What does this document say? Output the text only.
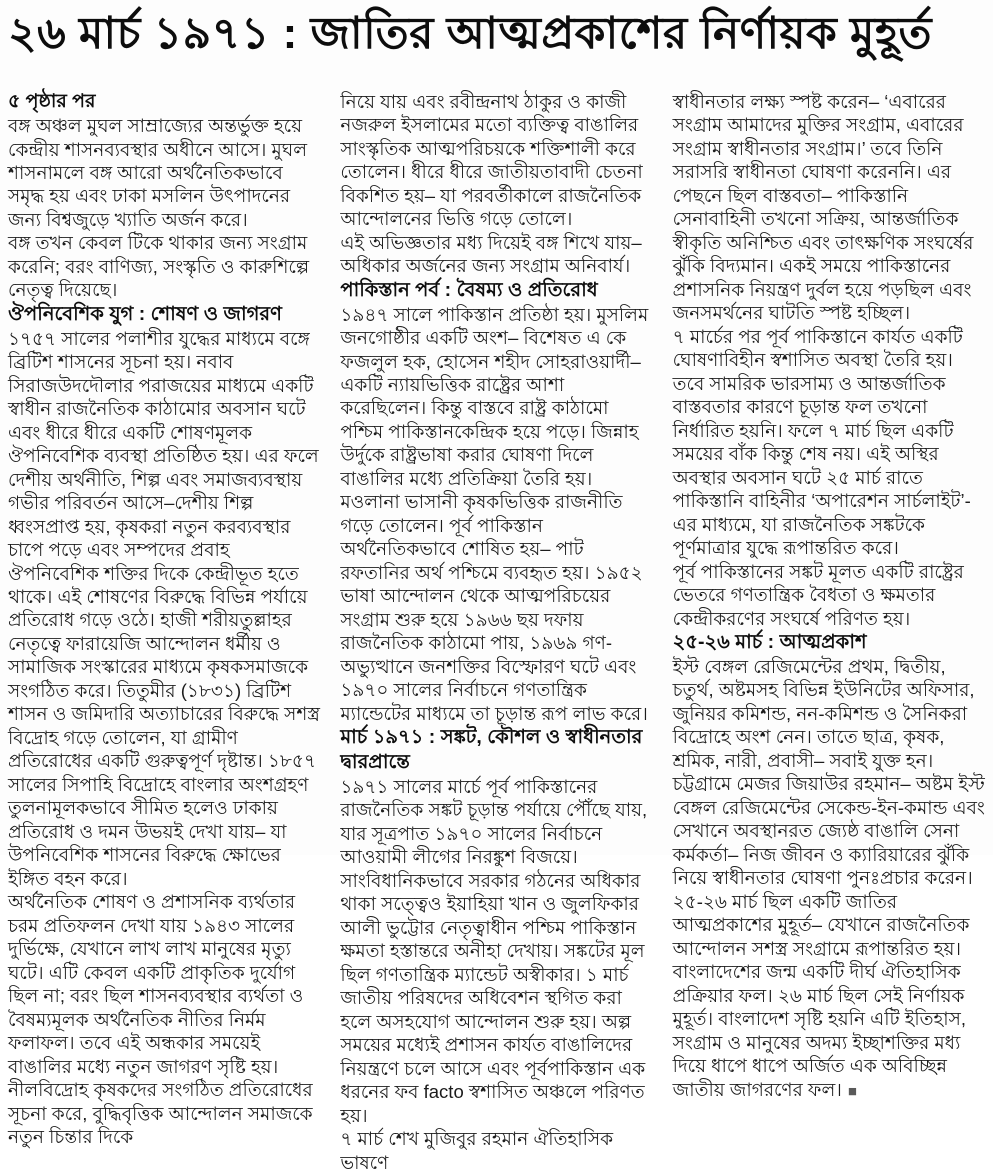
২৬ মার্চ ১৯৭১ : জাতির আত্মপ্রকাশের নির্ণায়ক মুহূর্ত

৫ পৃষ্ঠার পর

বঙ্গ অঞ্চল মুঘল সাম্রাজ্যের অন্তর্ভুক্ত হয়ে কেন্দ্রীয় শাসনব্যবস্থার অধীনে আসে। মুঘল শাসনামলে বঙ্গ আরো অর্থনৈতিকভাবে সমৃদ্ধ হয় এবং ঢাকা মসলিন উৎপাদনের জন্য বিশ্বজুড়ে খ্যাতি অর্জন করে।

বঙ্গ তখন কেবল টিকে থাকার জন্য সংগ্রাম করেনি; বরং বাণিজ্য, সংস্কৃতি ও কারুশিল্পে নেতৃত্ব দিয়েছে।

ঔপনিবেশিক যুগ : শোষণ ও জাগরণ

১৭৫৭ সালের পলাশীর যুদ্ধের মাধ্যমে বঙ্গে ব্রিটিশ শাসনের সূচনা হয়। নবাব সিরাজউদদৌলার পরাজয়ের মাধ্যমে একটি স্বাধীন রাজনৈতিক কাঠামোর অবসান ঘটে এবং ধীরে ধীরে একটি শোষণমূলক ঔপনিবেশিক ব্যবস্থা প্রতিষ্ঠিত হয়। এর ফলে দেশীয় অর্থনীতি, শিল্প এবং সমাজব্যবস্থায় গভীর পরিবর্তন আসে–দেশীয় শিল্প ধ্বংসপ্রাপ্ত হয়, কৃষকরা নতুন করব্যবস্থার চাপে পড়ে এবং সম্পদের প্রবাহ ঔপনিবেশিক শক্তির দিকে কেন্দ্রীভূত হতে থাকে। এই শোষণের বিরুদ্ধে বিভিন্ন পর্যায়ে প্রতিরোধ গড়ে ওঠে। হাজী শরীয়তুল্লাহর নেতৃত্বে ফারায়েজি আন্দোলন ধর্মীয় ও সামাজিক সংস্কারের মাধ্যমে কৃষকসমাজকে সংগঠিত করে। তিতুমীর (১৮৩১) ব্রিটিশ শাসন ও জমিদারি অত্যাচারের বিরুদ্ধে সশস্ত্র বিদ্রোহ গড়ে তোলেন, যা গ্রামীণ প্রতিরোধের একটি গুরুত্বপূর্ণ দৃষ্টান্ত। ১৮৫৭ সালের সিপাহি বিদ্রোহে বাংলার অংশগ্রহণ তুলনামূলকভাবে সীমিত হলেও ঢাকায় প্রতিরোধ ও দমন উভয়ই দেখা যায়– যা উপনিবেশিক শাসনের বিরুদ্ধে ক্ষোভের ইঙ্গিত বহন করে।

অর্থনৈতিক শোষণ ও প্রশাসনিক ব্যর্থতার চরম প্রতিফলন দেখা যায় ১৯৪৩ সালের দুর্ভিক্ষে, যেখানে লাখ লাখ মানুষের মৃত্যু ঘটে। এটি কেবল একটি প্রাকৃতিক দুর্যোগ ছিল না; বরং ছিল শাসনব্যবস্থার ব্যর্থতা ও বৈষম্যমূলক অর্থনৈতিক নীতির নির্মম ফলাফল। তবে এই অন্ধকার সময়েই বাঙালির মধ্যে নতুন জাগরণ সৃষ্টি হয়। নীলবিদ্রোহ কৃষকদের সংগঠিত প্রতিরোধের সূচনা করে, বুদ্ধিবৃত্তিক আন্দোলন সমাজকে নতুন চিন্তার দিকে

নিয়ে যায় এবং রবীন্দ্রনাথ ঠাকুর ও কাজী নজরুল ইসলামের মতো ব্যক্তিত্ব বাঙালির সাংস্কৃতিক আত্মপরিচয়কে শক্তিশালী করে তোলেন। ধীরে ধীরে জাতীয়তাবাদী চেতনা বিকশিত হয়– যা পরবর্তীকালে রাজনৈতিক আন্দোলনের ভিত্তি গড়ে তোলে।

এই অভিজ্ঞতার মধ্য দিয়েই বঙ্গ শিখে যায়– অধিকার অর্জনের জন্য সংগ্রাম অনিবার্য।

পাকিস্তান পর্ব : বৈষম্য ও প্রতিরোধ

১৯৪৭ সালে পাকিস্তান প্রতিষ্ঠা হয়। মুসলিম জনগোষ্ঠীর একটি অংশ– বিশেষত এ কে ফজলুল হক, হোসেন শহীদ সোহরাওয়ার্দী– একটি ন্যায়ভিত্তিক রাষ্ট্রের আশা করেছিলেন। কিন্তু বাস্তবে রাষ্ট্র কাঠামো পশ্চিম পাকিস্তানকেন্দ্রিক হয়ে পড়ে। জিন্নাহ উর্দুকে রাষ্ট্রভাষা করার ঘোষণা দিলে বাঙালির মধ্যে প্রতিক্রিয়া তৈরি হয়। মওলানা ভাসানী কৃষকভিত্তিক রাজনীতি গড়ে তোলেন। পূর্ব পাকিস্তান অর্থনৈতিকভাবে শোষিত হয়– পাট রফতানির অর্থ পশ্চিমে ব্যবহৃত হয়। ১৯৫২ ভাষা আন্দোলন থেকে আত্মপরিচয়ের সংগ্রাম শুরু হয়ে ১৯৬৬ ছয় দফায় রাজনৈতিক কাঠামো পায়, ১৯৬৯ গণ-অভ্যুত্থানে জনশক্তির বিস্ফোরণ ঘটে এবং ১৯৭০ সালের নির্বাচনে গণতান্ত্রিক ম্যান্ডেটের মাধ্যমে তা চূড়ান্ত রূপ লাভ করে।

মার্চ ১৯৭১ : সঙ্কট, কৌশল ও স্বাধীনতার দ্বারপ্রান্তে

১৯৭১ সালের মার্চে পূর্ব পাকিস্তানের রাজনৈতিক সঙ্কট চূড়ান্ত পর্যায়ে পৌঁছে যায়, যার সূত্রপাত ১৯৭০ সালের নির্বাচনে আওয়ামী লীগের নিরঙ্কুশ বিজয়ে। সাংবিধানিকভাবে সরকার গঠনের অধিকার থাকা সত্ত্বেও ইয়াহিয়া খান ও জুলফিকার আলী ভুট্টোর নেতৃত্বাধীন পশ্চিম পাকিস্তান ক্ষমতা হস্তান্তরে অনীহা দেখায়। সঙ্কটের মূল ছিল গণতান্ত্রিক ম্যান্ডেট অস্বীকার। ১ মার্চ জাতীয় পরিষদের অধিবেশন স্থগিত করা হলে অসহযোগ আন্দোলন শুরু হয়। অল্প সময়ের মধ্যেই প্রশাসন কার্যত বাঙালিদের নিয়ন্ত্রণে চলে আসে এবং পূর্বপাকিস্তান এক ধরনের ফব facto স্বশাসিত অঞ্চলে পরিণত হয়।

৭ মার্চ শেখ মুজিবুর রহমান ঐতিহাসিক ভাষণে

স্বাধীনতার লক্ষ্য স্পষ্ট করেন– ‘এবারের সংগ্রাম আমাদের মুক্তির সংগ্রাম, এবারের সংগ্রাম স্বাধীনতার সংগ্রাম।’ তবে তিনি সরাসরি স্বাধীনতা ঘোষণা করেননি। এর পেছনে ছিল বাস্তবতা– পাকিস্তানি সেনাবাহিনী তখনো সক্রিয়, আন্তর্জাতিক স্বীকৃতি অনিশ্চিত এবং তাৎক্ষণিক সংঘর্ষের ঝুঁকি বিদ্যমান। একই সময়ে পাকিস্তানের প্রশাসনিক নিয়ন্ত্রণ দুর্বল হয়ে পড়ছিল এবং জনসমর্থনের ঘাটতি স্পষ্ট হচ্ছিল।

৭ মার্চের পর পূর্ব পাকিস্তানে কার্যত একটি ঘোষণাবিহীন স্বশাসিত অবস্থা তৈরি হয়। তবে সামরিক ভারসাম্য ও আন্তর্জাতিক বাস্তবতার কারণে চূড়ান্ত ফল তখনো নির্ধারিত হয়নি। ফলে ৭ মার্চ ছিল একটি সময়ের বাঁক কিন্তু শেষ নয়। এই অস্থির অবস্থার অবসান ঘটে ২৫ মার্চ রাতে পাকিস্তানি বাহিনীর ‘অপারেশন সার্চলাইট’-এর মাধ্যমে, যা রাজনৈতিক সঙ্কটকে পূর্ণমাত্রার যুদ্ধে রূপান্তরিত করে।

পূর্ব পাকিস্তানের সঙ্কট মূলত একটি রাষ্ট্রের ভেতরে গণতান্ত্রিক বৈধতা ও ক্ষমতার কেন্দ্রীকরণের সংঘর্ষে পরিণত হয়।

২৫-২৬ মার্চ : আত্মপ্রকাশ

ইস্ট বেঙ্গল রেজিমেন্টের প্রথম, দ্বিতীয়, চতুর্থ, অষ্টমসহ বিভিন্ন ইউনিটের অফিসার, জুনিয়র কমিশন্ড, নন-কমিশন্ড ও সৈনিকরা বিদ্রোহে অংশ নেন। তাতে ছাত্র, কৃষক, শ্রমিক, নারী, প্রবাসী– সবাই যুক্ত হন। চট্টগ্রামে মেজর জিয়াউর রহমান– অষ্টম ইস্ট বেঙ্গল রেজিমেন্টের সেকেন্ড-ইন-কমান্ড এবং সেখানে অবস্থানরত জ্যেষ্ঠ বাঙালি সেনা কর্মকর্তা– নিজ জীবন ও ক্যারিয়ারের ঝুঁকি নিয়ে স্বাধীনতার ঘোষণা পুনঃপ্রচার করেন। ২৫-২৬ মার্চ ছিল একটি জাতির আত্মপ্রকাশের মুহূর্ত– যেখানে রাজনৈতিক আন্দোলন সশস্ত্র সংগ্রামে রূপান্তরিত হয়। বাংলাদেশের জন্ম একটি দীর্ঘ ঐতিহাসিক প্রক্রিয়ার ফল। ২৬ মার্চ ছিল সেই নির্ণায়ক মুহূর্ত। বাংলাদেশ সৃষ্টি হয়নি এটি ইতিহাস, সংগ্রাম ও মানুষের অদম্য ইচ্ছাশক্তির মধ্য দিয়ে ধাপে ধাপে অর্জিত এক অবিচ্ছিন্ন জাতীয় জাগরণের ফল। ■
